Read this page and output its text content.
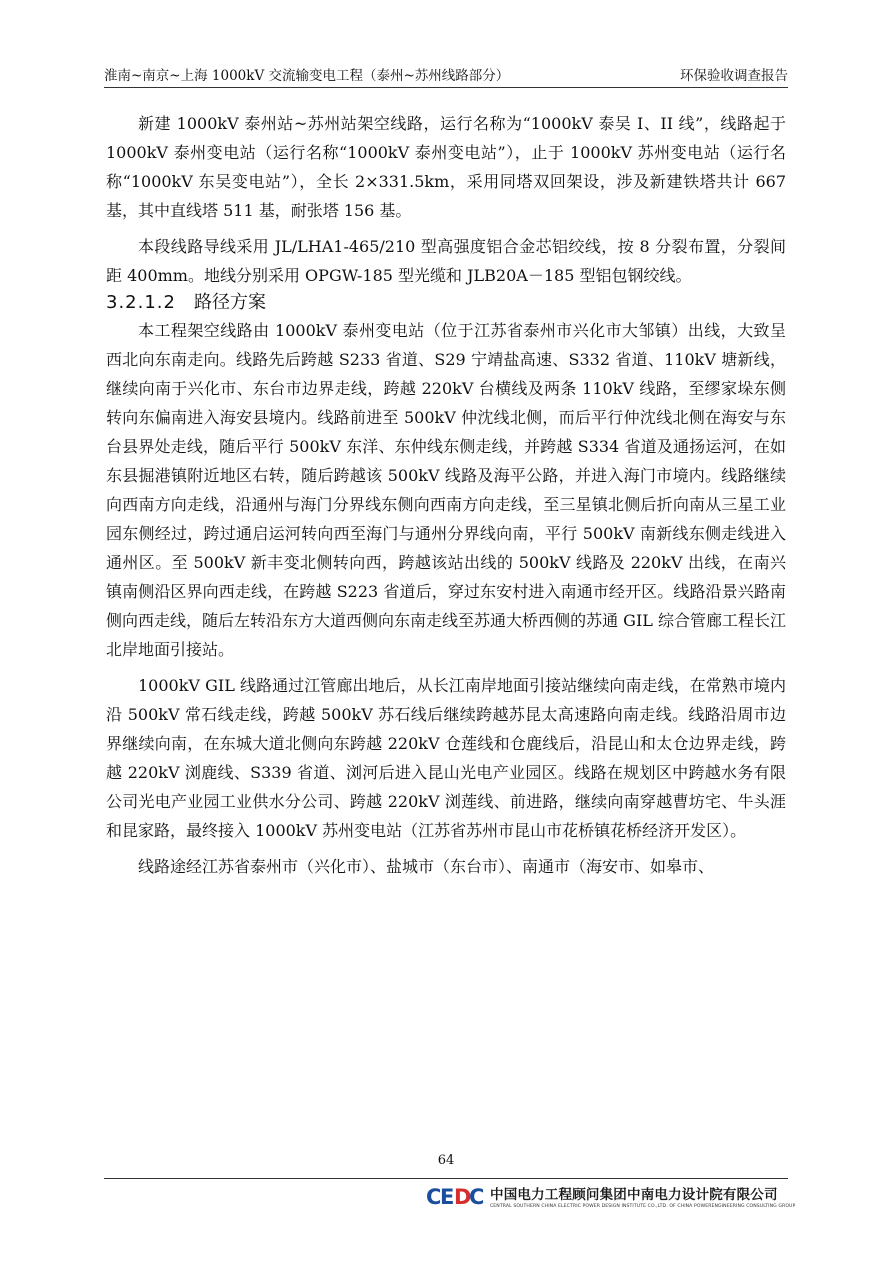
淮南~南京~上海 1000kV 交流输变电工程（泰州~苏州线路部分）	环保验收调查报告

新建 1000kV 泰州站~苏州站架空线路，运行名称为“1000kV 泰吴 I、II 线”，线路起于 1000kV 泰州变电站（运行名称“1000kV 泰州变电站”），止于 1000kV 苏州变电站（运行名称“1000kV 东吴变电站”），全长 2×331.5km，采用同塔双回架设，涉及新建铁塔共计 667 基，其中直线塔 511 基，耐张塔 156 基。

本段线路导线采用 JL/LHA1-465/210 型高强度铝合金芯铝绞线，按 8 分裂布置，分裂间距 400mm。地线分别采用 OPGW-185 型光缆和 JLB20A－185 型铝包钢绞线。

3.2.1.2 路径方案

本工程架空线路由 1000kV 泰州变电站（位于江苏省泰州市兴化市大邹镇）出线，大致呈西北向东南走向。线路先后跨越 S233 省道、S29 宁靖盐高速、S332 省道、110kV 塘新线，继续向南于兴化市、东台市边界走线，跨越 220kV 台横线及两条 110kV 线路，至缪家垛东侧转向东偏南进入海安县境内。线路前进至 500kV 仲沈线北侧，而后平行仲沈线北侧在海安与东台县界处走线，随后平行 500kV 东洋、东仲线东侧走线，并跨越 S334 省道及通扬运河，在如东县掘港镇附近地区右转，随后跨越该 500kV 线路及海平公路，并进入海门市境内。线路继续向西南方向走线，沿通州与海门分界线东侧向西南方向走线，至三星镇北侧后折向南从三星工业园东侧经过，跨过通启运河转向西至海门与通州分界线向南，平行 500kV 南新线东侧走线进入通州区。至 500kV 新丰变北侧转向西，跨越该站出线的 500kV 线路及 220kV 出线，在南兴镇南侧沿区界向西走线，在跨越 S223 省道后，穿过东安村进入南通市经开区。线路沿景兴路南侧向西走线，随后左转沿东方大道西侧向东南走线至苏通大桥西侧的苏通 GIL 综合管廊工程长江北岸地面引接站。

1000kV GIL 线路通过江管廊出地后，从长江南岸地面引接站继续向南走线，在常熟市境内沿 500kV 常石线走线，跨越 500kV 苏石线后继续跨越苏昆太高速路向南走线。线路沿周市边界继续向南，在东城大道北侧向东跨越 220kV 仓莲线和仓鹿线后，沿昆山和太仓边界走线，跨越 220kV 浏鹿线、S339 省道、浏河后进入昆山光电产业园区。线路在规划区中跨越水务有限公司光电产业园工业供水分公司、跨越 220kV 浏莲线、前进路，继续向南穿越曹坊宅、牛头涯和昆家路，最终接入 1000kV 苏州变电站（江苏省苏州市昆山市花桥镇花桥经济开发区）。

线路途经江苏省泰州市（兴化市）、盐城市（东台市）、南通市（海安市、如皋市、

64
C E D
C 中国电力工程顾问集团中南电力设计院有限公司
CENTRAL SOUTHERN CHINA ELECTRIC POWER DESIGN INSTITUTE CO.,LTD. OF CHINA POWERENGINEERING CONSULTING GROUP
